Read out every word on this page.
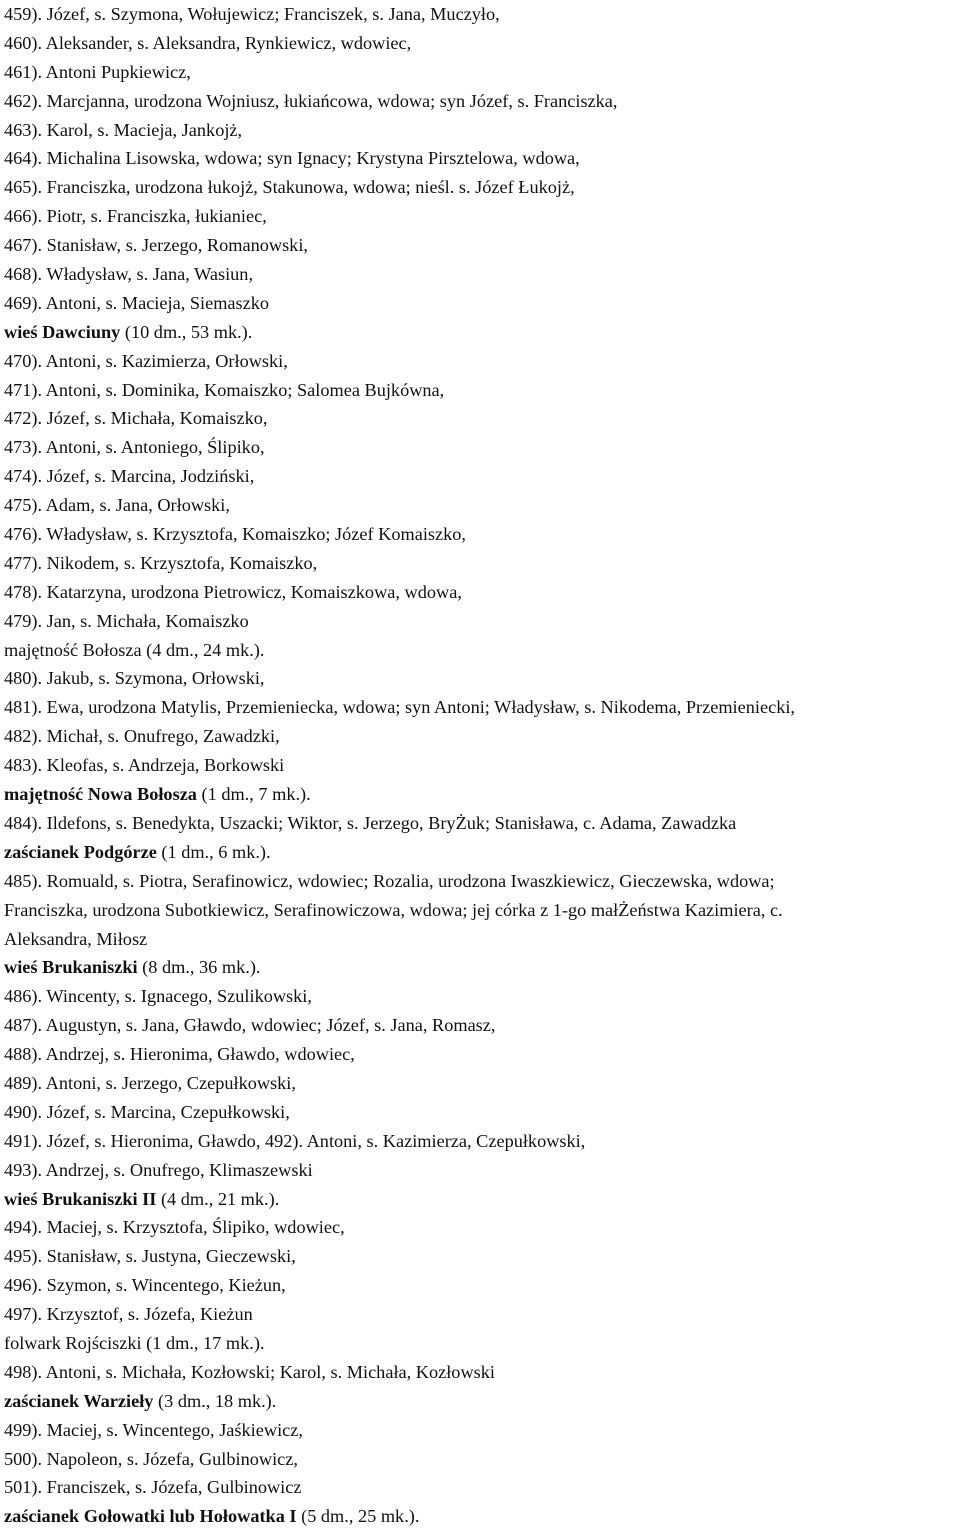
459). Józef, s. Szymona, Wołujewicz; Franciszek, s. Jana, Muczyło,
460). Aleksander, s. Aleksandra, Rynkiewicz, wdowiec,
461). Antoni Pupkiewicz,
462). Marcjanna, urodzona Wojniusz, łukiańcowa, wdowa; syn Józef, s. Franciszka,
463). Karol, s. Macieja, Jankojż,
464). Michalina Lisowska, wdowa; syn Ignacy; Krystyna Pirsztelowa, wdowa,
465). Franciszka, urodzona łukojż, Stakunowa, wdowa; nieśl. s. Józef Łukojż,
466). Piotr, s. Franciszka, łukianiec,
467). Stanisław, s. Jerzego, Romanowski,
468). Władysław, s. Jana, Wasiun,
469). Antoni, s. Macieja, Siemaszko
wieś Dawciuny (10 dm., 53 mk.).
470). Antoni, s. Kazimierza, Orłowski,
471). Antoni, s. Dominika, Komaiszko; Salomea Bujkówna,
472). Józef, s. Michała, Komaiszko,
473). Antoni, s. Antoniego, Ślipiko,
474). Józef, s. Marcina, Jodziński,
475). Adam, s. Jana, Orłowski,
476). Władysław, s. Krzysztofa, Komaiszko; Józef Komaiszko,
477). Nikodem, s. Krzysztofa, Komaiszko,
478). Katarzyna, urodzona Pietrowicz, Komaiszkowa, wdowa,
479). Jan, s. Michała, Komaiszko
majętność Bołosza (4 dm., 24 mk.).
480). Jakub, s. Szymona, Orłowski,
481). Ewa, urodzona Matylis, Przemieniecka, wdowa; syn Antoni; Władysław, s. Nikodema, Przemieniecki,
482). Michał, s. Onufrego, Zawadzki,
483). Kleofas, s. Andrzeja, Borkowski
majętność Nowa Bołosza (1 dm., 7 mk.).
484). Ildefons, s. Benedykta, Uszacki; Wiktor, s. Jerzego, BryŻuk; Stanisława, c. Adama, Zawadzka
zaścianek Podgórze (1 dm., 6 mk.).
485). Romuald, s. Piotra, Serafinowicz, wdowiec; Rozalia, urodzona Iwaszkiewicz, Gieczewska, wdowa;
Franciszka, urodzona Subotkiewicz, Serafinowiczowa, wdowa; jej córka z 1-go małŻeństwa Kazimiera, c.
Aleksandra, Miłosz
wieś Brukaniszki (8 dm., 36 mk.).
486). Wincenty, s. Ignacego, Szulikowski,
487). Augustyn, s. Jana, Gławdo, wdowiec; Józef, s. Jana, Romasz,
488). Andrzej, s. Hieronima, Gławdo, wdowiec,
489). Antoni, s. Jerzego, Czepułkowski,
490). Józef, s. Marcina, Czepułkowski,
491). Józef, s. Hieronima, Gławdo, 492). Antoni, s. Kazimierza, Czepułkowski,
493). Andrzej, s. Onufrego, Klimaszewski
wieś Brukaniszki II (4 dm., 21 mk.).
494). Maciej, s. Krzysztofa, Ślipiko, wdowiec,
495). Stanisław, s. Justyna, Gieczewski,
496). Szymon, s. Wincentego, Kieżun,
497). Krzysztof, s. Józefa, Kieżun
folwark Rojściszki (1 dm., 17 mk.).
498). Antoni, s. Michała, Kozłowski; Karol, s. Michała, Kozłowski
zaścianek Warzieły (3 dm., 18 mk.).
499). Maciej, s. Wincentego, Jaśkiewicz,
500). Napoleon, s. Józefa, Gulbinowicz,
501). Franciszek, s. Józefa, Gulbinowicz
zaścianek Gołowatki lub Hołowatka I (5 dm., 25 mk.).
